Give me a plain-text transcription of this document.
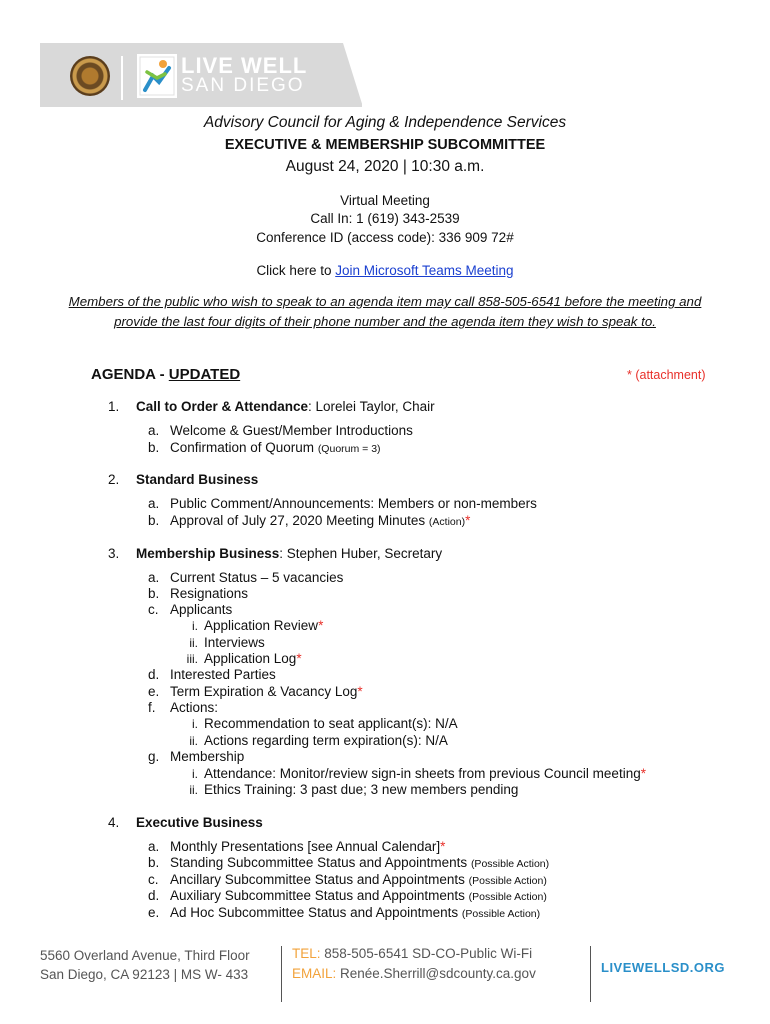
LIVE WELL
SAN DIEGO
Advisory Council for Aging & Independence Services
EXECUTIVE & MEMBERSHIP SUBCOMMITTEE
August 24, 2020 | 10:30 a.m.
Virtual Meeting
Call In: 1 (619) 343-2539
Conference ID (access code): 336 909 72#
Click here to Join Microsoft Teams Meeting
Members of the public who wish to speak to an agenda item may call 858-505-6541 before the meeting and
provide the last four digits of their phone number and the agenda item they wish to speak to.
AGENDA - UPDATED	* (attachment)
1. Call to Order & Attendance: Lorelei Taylor, Chair
a. Welcome & Guest/Member Introductions
b. Confirmation of Quorum (Quorum = 3)
2. Standard Business
a. Public Comment/Announcements: Members or non-members
b. Approval of July 27, 2020 Meeting Minutes (Action)*
3. Membership Business: Stephen Huber, Secretary
a. Current Status – 5 vacancies
b. Resignations
c. Applicants
i. Application Review*
ii. Interviews
iii. Application Log*
d. Interested Parties
e. Term Expiration & Vacancy Log*
f. Actions:
i. Recommendation to seat applicant(s): N/A
ii. Actions regarding term expiration(s): N/A
g. Membership
i. Attendance: Monitor/review sign-in sheets from previous Council meeting*
ii. Ethics Training: 3 past due; 3 new members pending
4. Executive Business
a. Monthly Presentations [see Annual Calendar]*
b. Standing Subcommittee Status and Appointments (Possible Action)
c. Ancillary Subcommittee Status and Appointments (Possible Action)
d. Auxiliary Subcommittee Status and Appointments (Possible Action)
e. Ad Hoc Subcommittee Status and Appointments (Possible Action)
5560 Overland Avenue, Third Floor
San Diego, CA 92123 | MS W- 433
TEL: 858-505-6541 SD-CO-Public Wi-Fi
EMAIL: Renée.Sherrill@sdcounty.ca.gov	LIVEWELLSD.ORG
